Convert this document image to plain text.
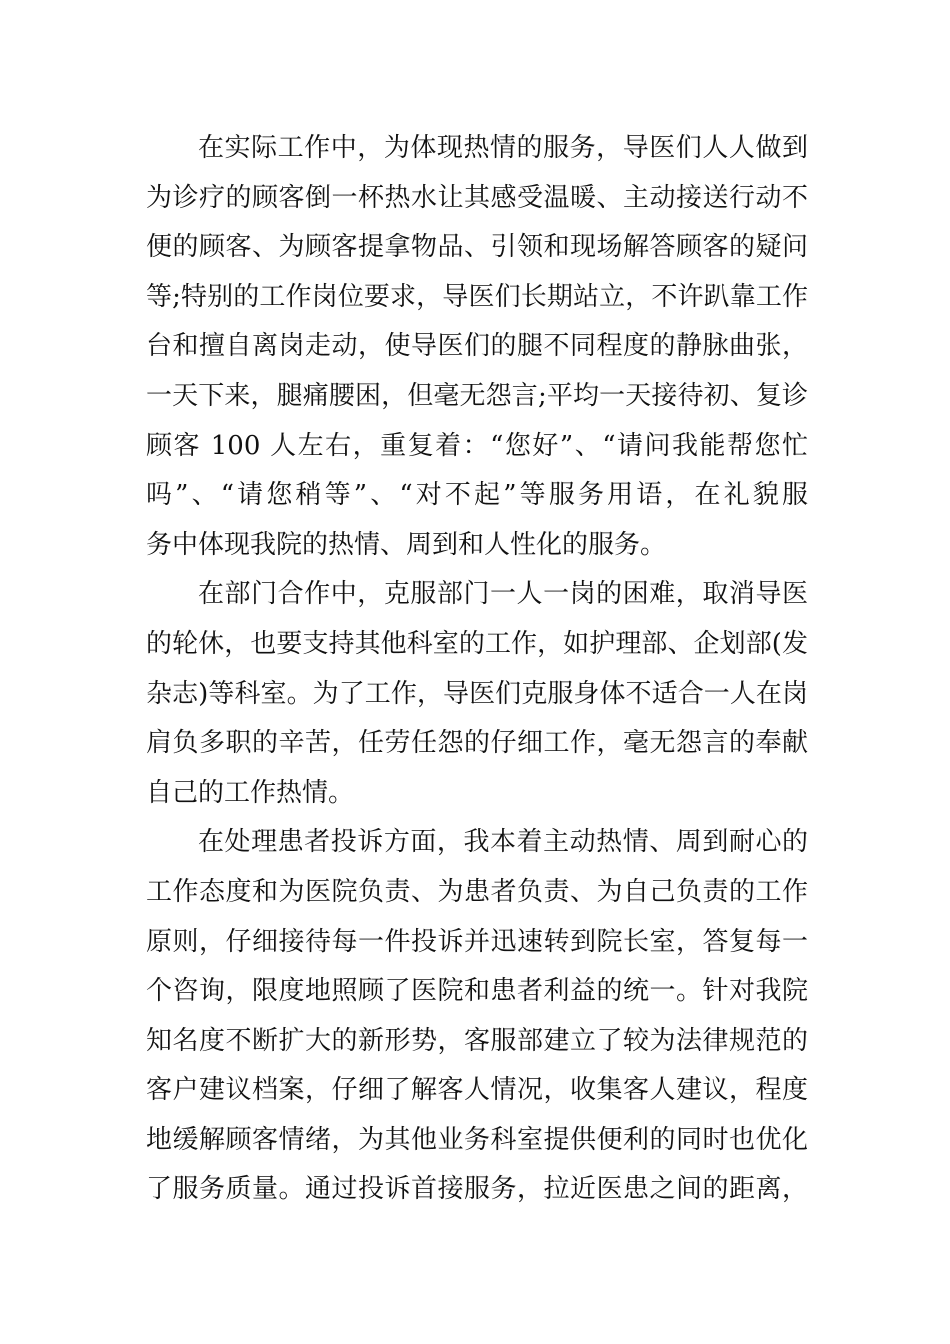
在实际工作中，为体现热情的服务，导医们人人做到
为诊疗的顾客倒一杯热水让其感受温暖、主动接送行动不
便的顾客、为顾客提拿物品、引领和现场解答顾客的疑问
等;特别的工作岗位要求，导医们长期站立，不许趴靠工作
台和擅自离岗走动，使导医们的腿不同程度的静脉曲张，
一天下来，腿痛腰困，但毫无怨言;平均一天接待初、复诊
顾客 100 人左右，重复着：“您好”、“请问我能帮您忙
吗”、“请您稍等”、“对不起”等服务用语，在礼貌服
务中体现我院的热情、周到和人性化的服务。
在部门合作中，克服部门一人一岗的困难，取消导医
的轮休，也要支持其他科室的工作，如护理部、企划部(发
杂志)等科室。为了工作，导医们克服身体不适合一人在岗
肩负多职的辛苦，任劳任怨的仔细工作，毫无怨言的奉献
自己的工作热情。
在处理患者投诉方面，我本着主动热情、周到耐心的
工作态度和为医院负责、为患者负责、为自己负责的工作
原则，仔细接待每一件投诉并迅速转到院长室，答复每一
个咨询，限度地照顾了医院和患者利益的统一。针对我院
知名度不断扩大的新形势，客服部建立了较为法律规范的
客户建议档案，仔细了解客人情况，收集客人建议，程度
地缓解顾客情绪，为其他业务科室提供便利的同时也优化
了服务质量。通过投诉首接服务，拉近医患之间的距离，
